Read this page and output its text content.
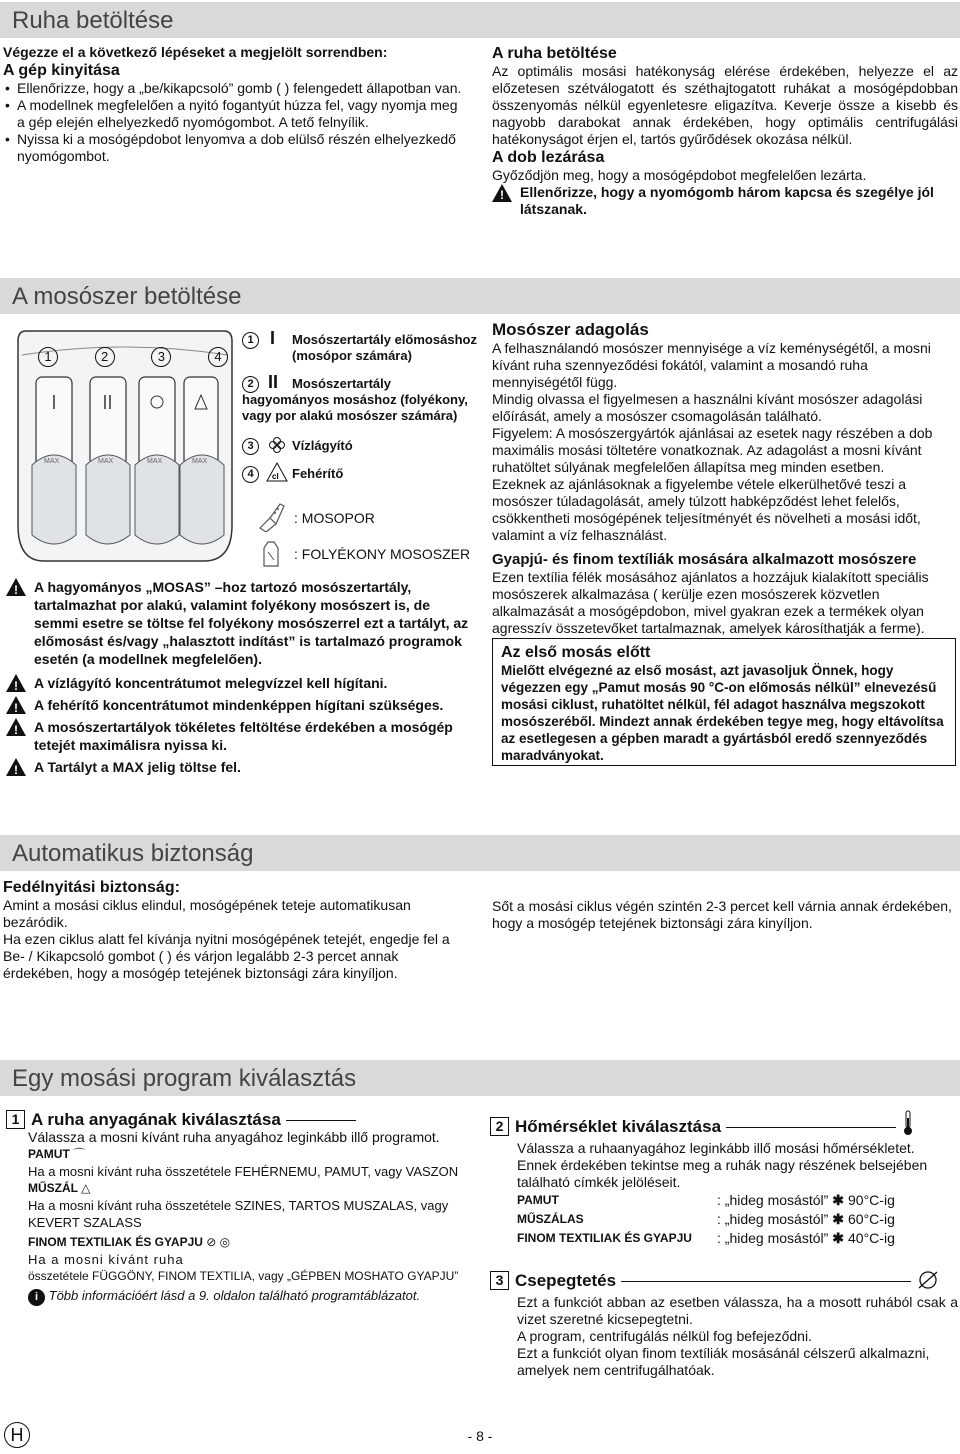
Ruha betöltése
Végezze el a következő lépéseket a megjelölt sorrendben:
A gép kinyitása
• Ellenőrizze, hogy a „be/kikapcsoló” gomb ( ) felengedett állapotban van.
• A modellnek megfelelően a nyitó fogantyút húzza fel, vagy nyomja meg a gép elején elhelyezkedő nyomógombot. A tető felnyílik.
• Nyissa ki a mosógépdobot lenyomva a dob elülső részén elhelyezkedő nyomógombot.
A ruha betöltése
Az optimális mosási hatékonyság elérése érdekében, helyezze el az előzetesen szétválogatott és széthajtogatott ruhákat a mosógépdobban összenyomás nélkül egyenletesre eligazítva. Keverje össze a kisebb és nagyobb darabokat annak érdekében, hogy optimális centrifugálási hatékonyságot érjen el, tartós gyűrődések okozása nélkül.
A dob lezárása
Győződjön meg, hogy a mosógépdobot megfelelően lezárta.
!
Ellenőrizze, hogy a nyomógomb három kapcsa és szegélye jól látszanak.
A mosószer betöltése
MAX	MAX	MAX	MAX
1	2	3	4
1 I Mosószertartály előmosáshoz (mosópor számára)
2 II	Mosószertartály hagyományos mosáshoz (folyékony, vagy por alakú mosószer számára)
3	Vízlágyító
4	cl Fehérítő
: MOSOPOR
: FOLYÉKONY MOSOSZER
!
A hagyományos „MOSAS” –hoz tartozó mosószertartály, tartalmazhat por alakú, valamint folyékony mosószert is, de semmi esetre se töltse fel folyékony mosószerrel ezt a tartályt, az előmosást és/vagy „halasztott indítást” is tartalmazó programok esetén (a modellnek megfelelően).
!
A vízlágyító koncentrátumot melegvízzel kell hígítani.
!
A fehérítő koncentrátumot mindenképpen hígítani szükséges.
!
A mosószertartályok tökéletes feltöltése érdekében a mosógép tetejét maximálisra nyissa ki.
!
A Tartályt a MAX jelig töltse fel.
Mosószer adagolás
A felhasználandó mosószer mennyisége a víz keménységétől, a mosni kívánt ruha szennyeződési fokától, valamint a mosandó ruha mennyiségétől függ.
Mindig olvassa el figyelmesen a használni kívánt mosószer adagolási előírását, amely a mosószer csomagolásán található.
Figyelem: A mosószergyártók ajánlásai az esetek nagy részében a dob maximális mosási töltetére vonatkoznak. Az adagolást a mosni kívánt ruhatöltet súlyának megfelelően állapítsa meg minden esetben.
Ezeknek az ajánlásoknak a figyelembe vétele elkerülhetővé teszi a mosószer túladagolását, amely túlzott habképződést lehet felelős, csökkentheti mosógépének teljesítményét és növelheti a mosási időt, valamint a víz felhasználást.
Gyapjú- és finom textíliák mosására alkalmazott mosószere
Ezen textília félék mosásához ajánlatos a hozzájuk kialakított speciális mosószerek alkalmazása ( kerülje ezen mosószerek közvetlen alkalmazását a mosógépdobon, mivel gyakran ezek a termékek olyan agresszív összetevőket tartalmaznak, amelyek károsíthatják a ferme).
Az első mosás előtt
Mielőtt elvégezné az első mosást, azt javasoljuk Önnek, hogy végezzen egy „Pamut mosás 90 °C-on előmosás nélkül” elnevezésű mosási ciklust, ruhatöltet nélkül, fél adagot használva megszokott mosószeréből. Mindezt annak érdekében tegye meg, hogy eltávolítsa az esetlegesen a gépben maradt a gyártásból eredő szennyeződés maradványokat.
Automatikus biztonság
Fedélnyitási biztonság:
Amint a mosási ciklus elindul, mosógépének teteje automatikusan bezáródik.
Ha ezen ciklus alatt fel kívánja nyitni mosógépének tetejét, engedje fel a Be- / Kikapcsoló gombot ( ) és várjon legalább 2-3 percet annak érdekében, hogy a mosógép tetejének biztonsági zára kinyíljon.
Sőt a mosási ciklus végén szintén 2-3 percet kell várnia annak érdekében, hogy a mosógép tetejének biztonsági zára kinyíljon.
Egy mosási program kiválasztás
1 A ruha anyagának kiválasztása
Válassza a mosni kívánt ruha anyagához leginkább illő programot.
PAMUT ⌒
Ha a mosni kívánt ruha összetétele FEHÉRNEMU, PAMUT, vagy VASZON
MŰSZÁL △
Ha a mosni kívánt ruha összetétele SZINES, TARTOS MUSZALAS, vagy KEVERT SZALASS
FINOM TEXTILIAK ÉS GYAPJU ⊘ ◎
Ha a mosni kívánt ruha
összetétele FÜGGÖNY, FINOM TEXTILIA, vagy „GÉPBEN MOSHATO GYAPJU”
i Több információért lásd a 9. oldalon található programtáblázatot.
2 Hőmérséklet kiválasztása
Válassza a ruhaanyagához leginkább illő mosási hőmérsékletet. Ennek érdekében tekintse meg a ruhák nagy részének belsejében található címkék jelöléseit.
PAMUT	: „hideg mosástól” ✱ 90°C-ig
MŰSZÁLAS	: „hideg mosástól” ✱ 60°C-ig
FINOM TEXTILIAK ÉS GYAPJU	: „hideg mosástól” ✱ 40°C-ig
3 Csepegtetés
Ezt a funkciót abban az esetben válassza, ha a mosott ruhából csak a vizet szeretné kicsepegtetni.
A program, centrifugálás nélkül fog befejeződni.
Ezt a funkciót olyan finom textíliák mosásánál célszerű alkalmazni, amelyek nem centrifugálhatóak.
H	- 8 -
